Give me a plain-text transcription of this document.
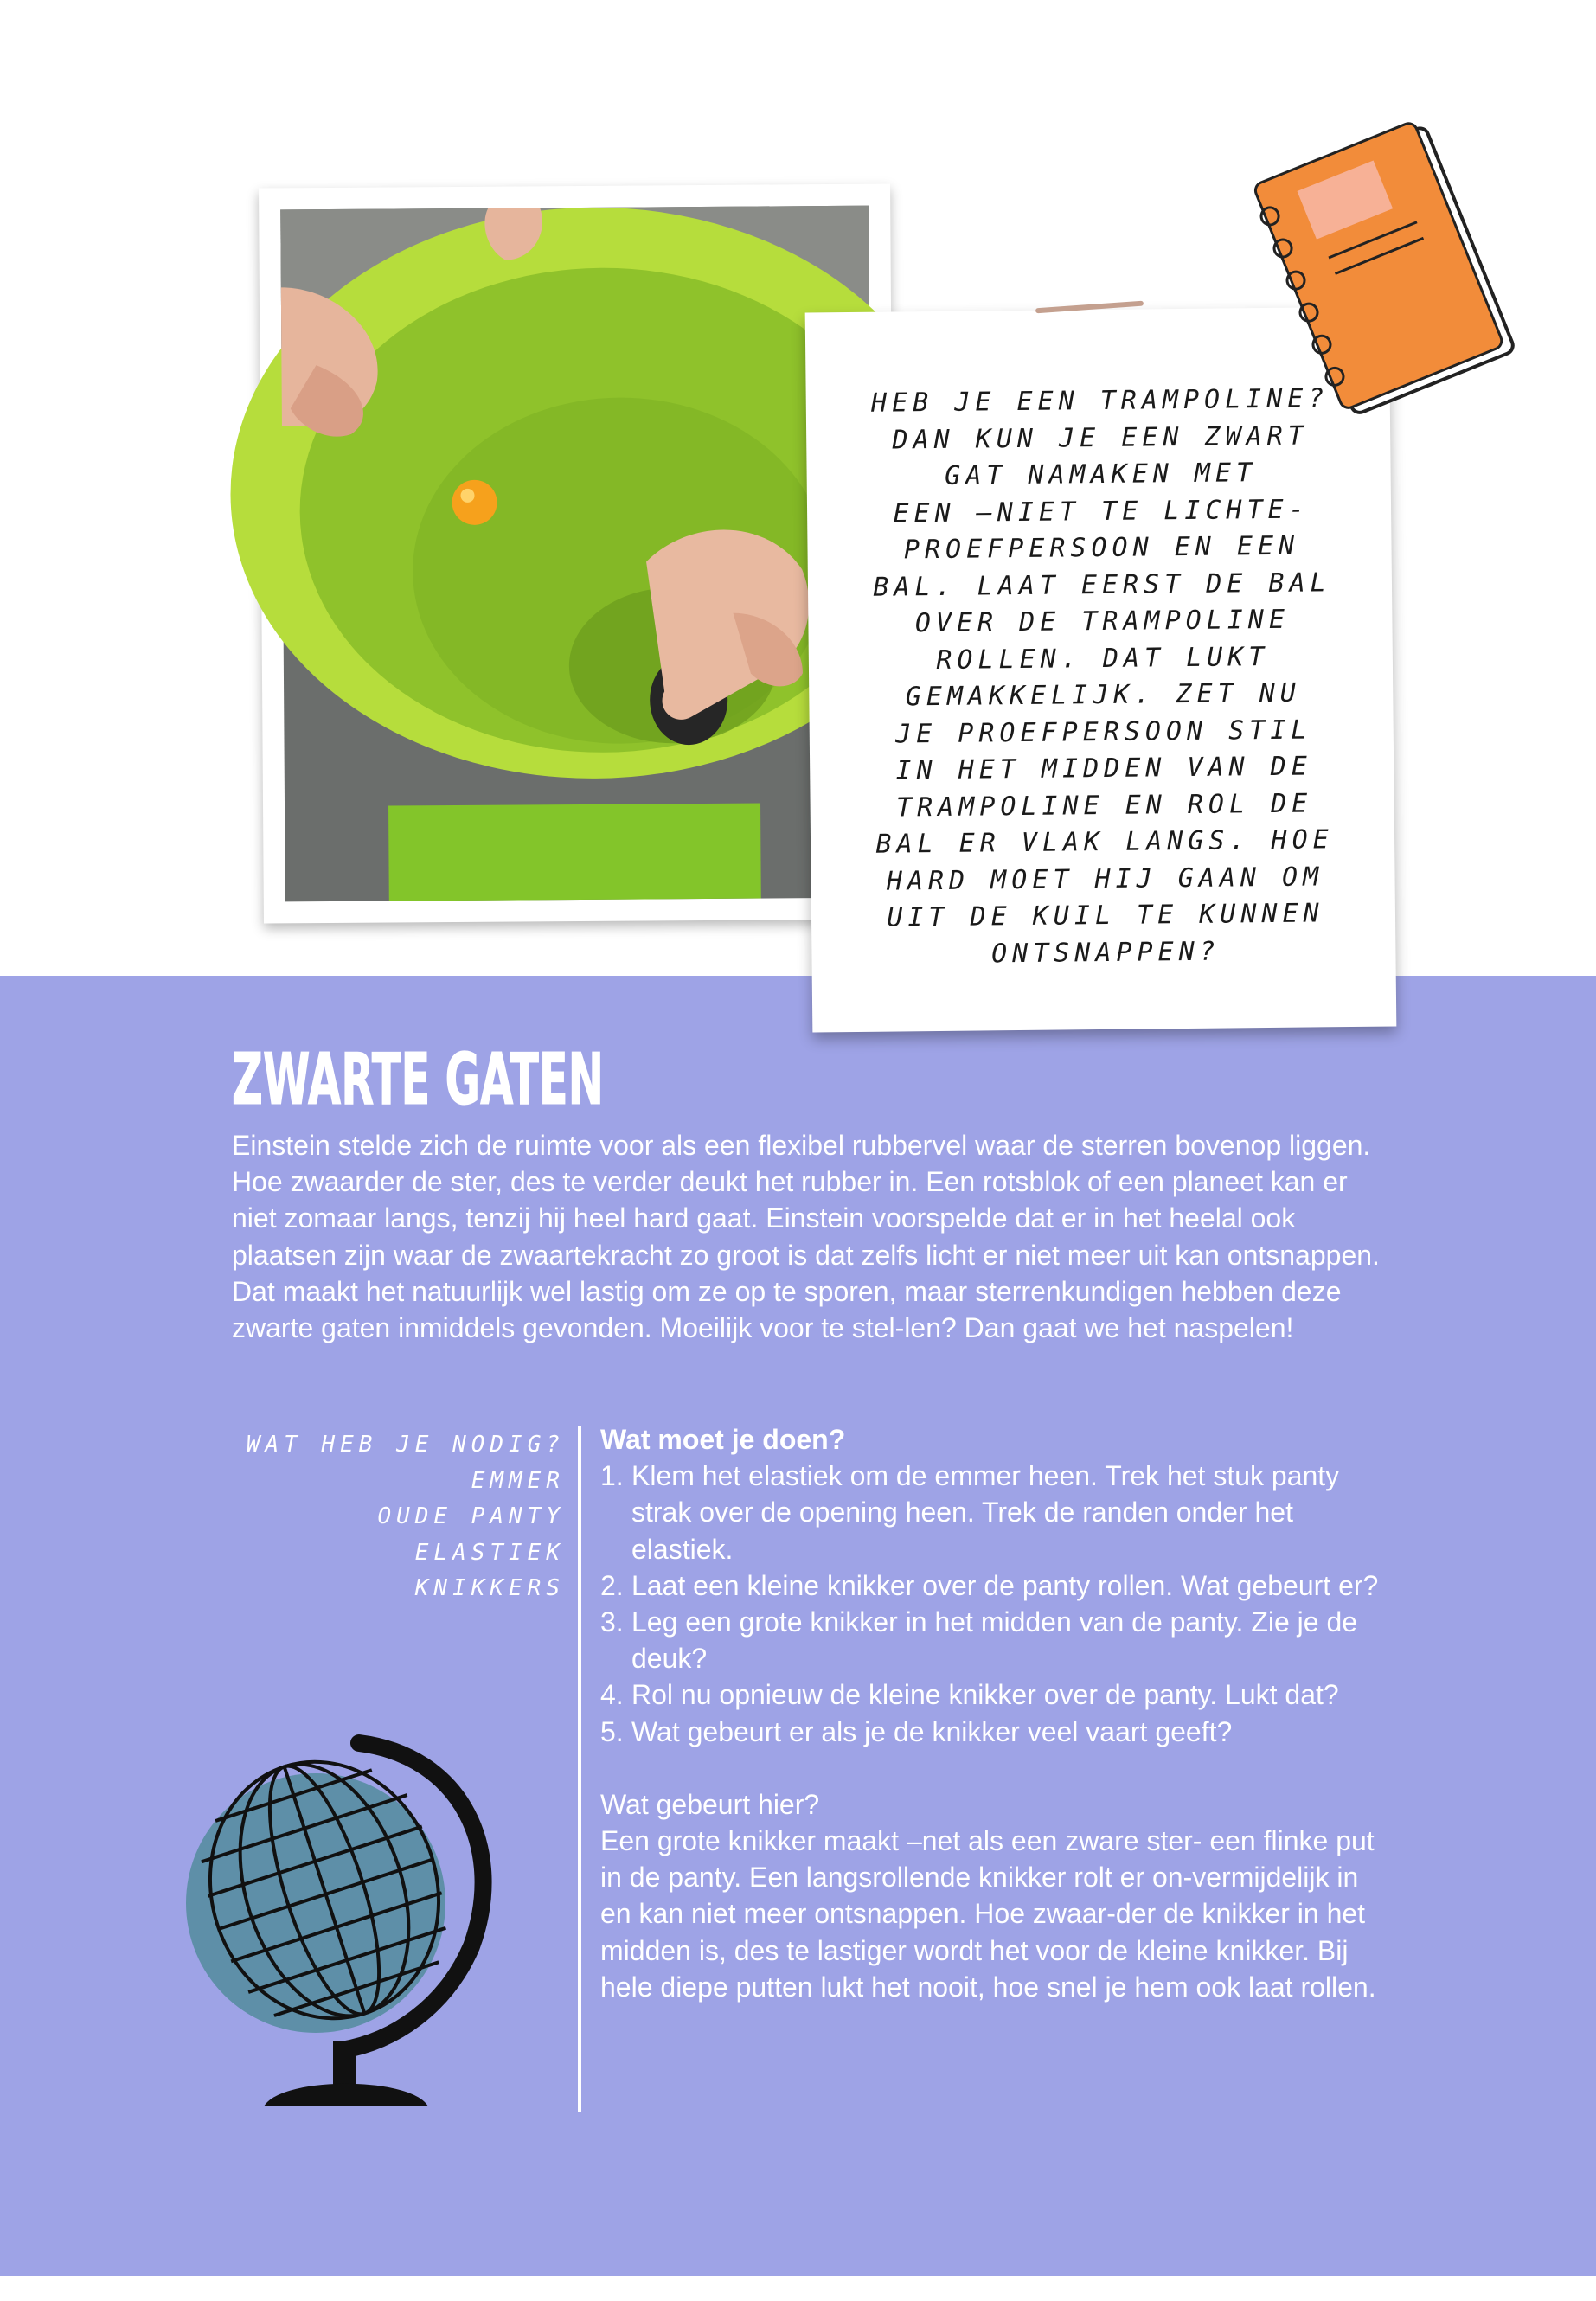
HEB JE EEN TRAMPOLINE?
DAN KUN JE EEN ZWART
GAT NAMAKEN MET
EEN –NIET TE LICHTE-
PROEFPERSOON EN EEN
BAL. LAAT EERST DE BAL
OVER DE TRAMPOLINE
ROLLEN. DAT LUKT
GEMAKKELIJK. ZET NU
JE PROEFPERSOON STIL
IN HET MIDDEN VAN DE
TRAMPOLINE EN ROL DE
BAL ER VLAK LANGS. HOE
HARD MOET HIJ GAAN OM
UIT DE KUIL TE KUNNEN
ONTSNAPPEN?
ZWARTE GATEN

Einstein stelde zich de ruimte voor als een flexibel rubbervel waar de sterren bovenop liggen. Hoe zwaarder de ster, des te verder deukt het rubber in. Een rotsblok of een planeet kan er niet zomaar langs, tenzij hij heel hard gaat. Einstein voorspelde dat er in het heelal ook plaatsen zijn waar de zwaartekracht zo groot is dat zelfs licht er niet meer uit kan ontsnappen. Dat maakt het natuurlijk wel lastig om ze op te sporen, maar sterrenkundigen hebben deze zwarte gaten inmiddels gevonden. Moeilijk voor te stel-len? Dan gaat we het naspelen!

WAT HEB JE NODIG?
EMMER
OUDE PANTY
ELASTIEK
KNIKKERS
Wat moet je doen?
1. Klem het elastiek om de emmer heen. Trek het stuk panty strak over de opening heen. Trek de randen onder het elastiek.
2. Laat een kleine knikker over de panty rollen. Wat gebeurt er?
3. Leg een grote knikker in het midden van de panty. Zie je de deuk?
4. Rol nu opnieuw de kleine knikker over de panty. Lukt dat?
5. Wat gebeurt er als je de knikker veel vaart geeft?
Wat gebeurt hier?

Een grote knikker maakt –net als een zware ster- een flinke put in de panty. Een langsrollende knikker rolt er on-vermijdelijk in en kan niet meer ontsnappen. Hoe zwaar-der de knikker in het midden is, des te lastiger wordt het voor de kleine knikker. Bij hele diepe putten lukt het nooit, hoe snel je hem ook laat rollen.
